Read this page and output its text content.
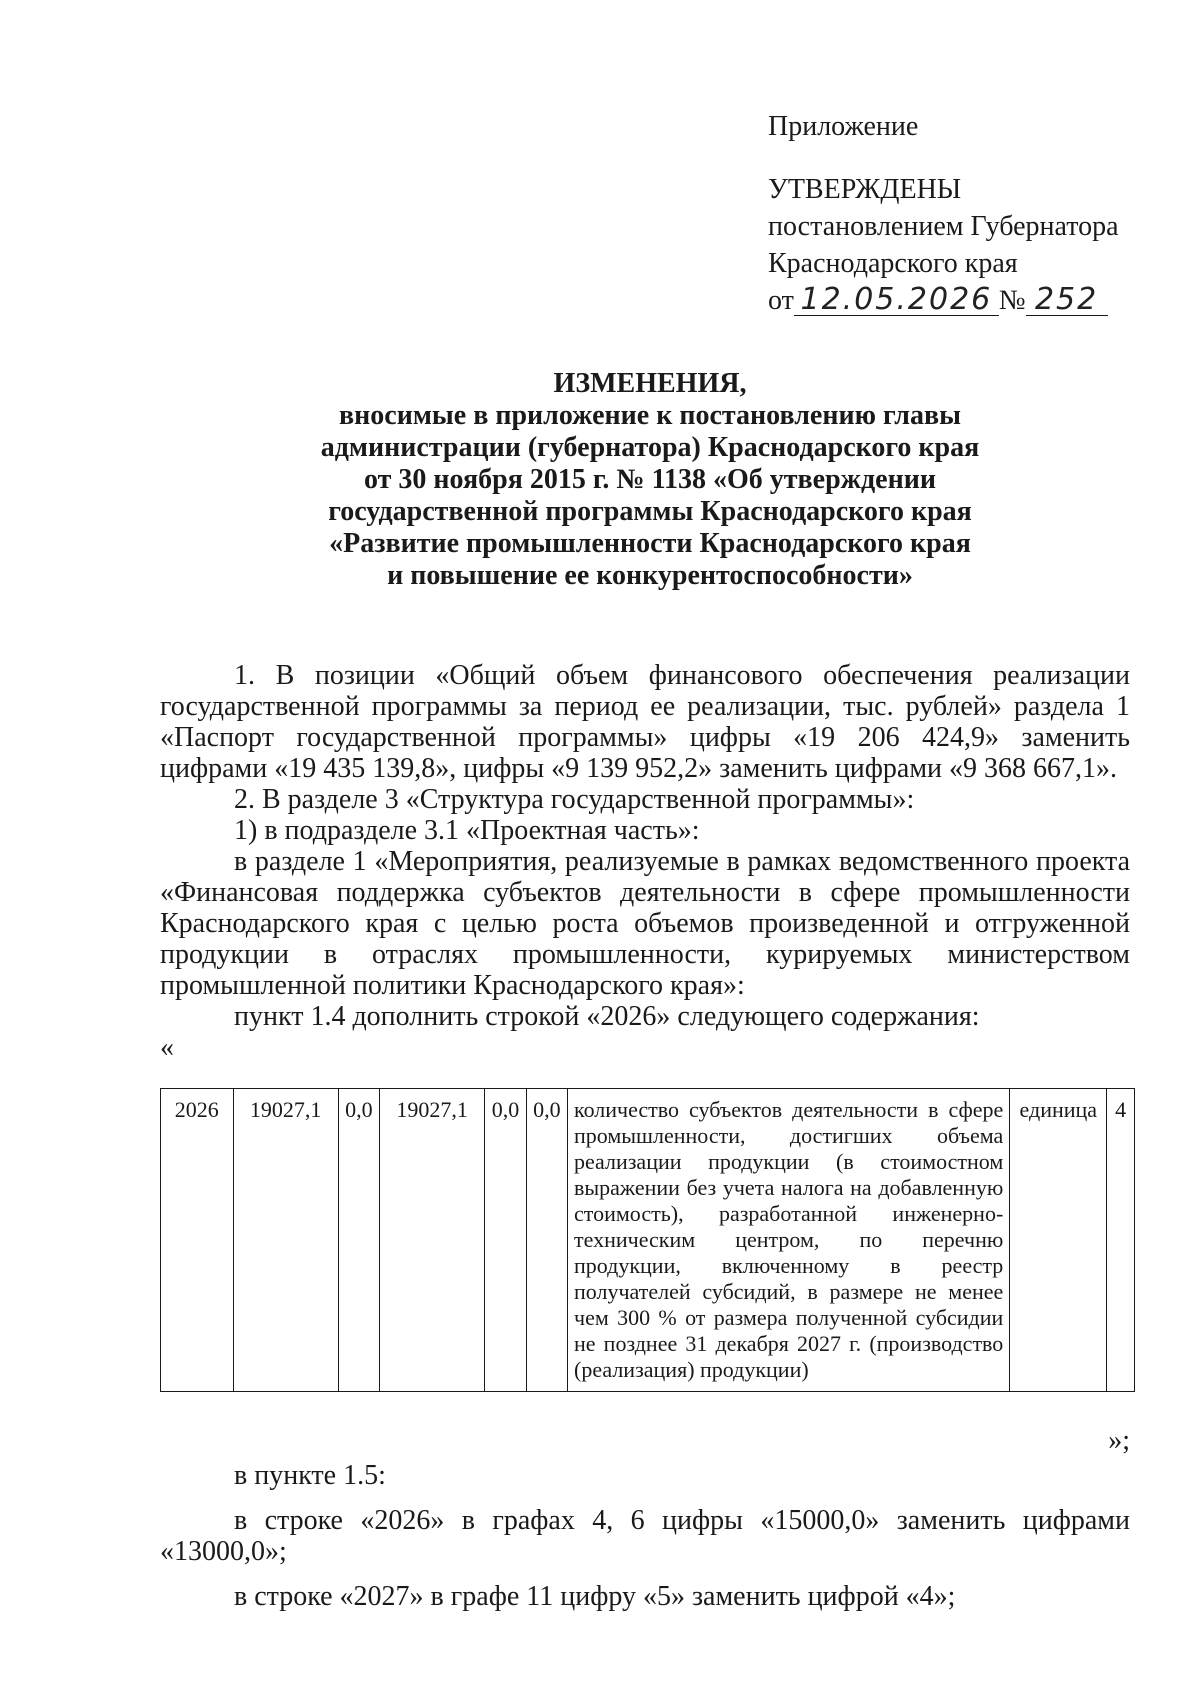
Приложение
УТВЕРЖДЕНЫ
постановлением Губернатора
Краснодарского края
от 12.05.2026 № 252
ИЗМЕНЕНИЯ,
вносимые в приложение к постановлению главы
администрации (губернатора) Краснодарского края
от 30 ноября 2015 г. № 1138 «Об утверждении
государственной программы Краснодарского края
«Развитие промышленности Краснодарского края
и повышение ее конкурентоспособности»

1. В позиции «Общий объем финансового обеспечения реализации государственной программы за период ее реализации, тыс. рублей» раздела 1 «Паспорт государственной программы» цифры «19 206 424,9» заменить цифрами «19 435 139,8», цифры «9 139 952,2» заменить цифрами «9 368 667,1».

2. В разделе 3 «Структура государственной программы»:

1) в подразделе 3.1 «Проектная часть»:

в разделе 1 «Мероприятия, реализуемые в рамках ведомственного проекта «Финансовая поддержка субъектов деятельности в сфере промышленности Краснодарского края с целью роста объемов произведенной и отгруженной продукции в отраслях промышленности, курируемых министерством промышленной политики Краснодарского края»:

пункт 1.4 дополнить строкой «2026» следующего содержания:

«

2026	19027,1	0,0	19027,1	0,0	0,0	количество субъектов деятельности в сфере промышленности, достигших объема реализации продукции (в стоимостном выражении без учета налога на добавленную стоимость), разработанной инженерно-техническим центром, по перечню продукции, включенному в реестр получателей субсидий, в размере не менее чем 300 % от размера полученной субсидии не позднее 31 декабря 2027 г. (производство (реализация) продукции)	единица	4

»;

в пункте 1.5:

в строке «2026» в графах 4, 6 цифры «15000,0» заменить цифрами «13000,0»;

в строке «2027» в графе 11 цифру «5» заменить цифрой «4»;
